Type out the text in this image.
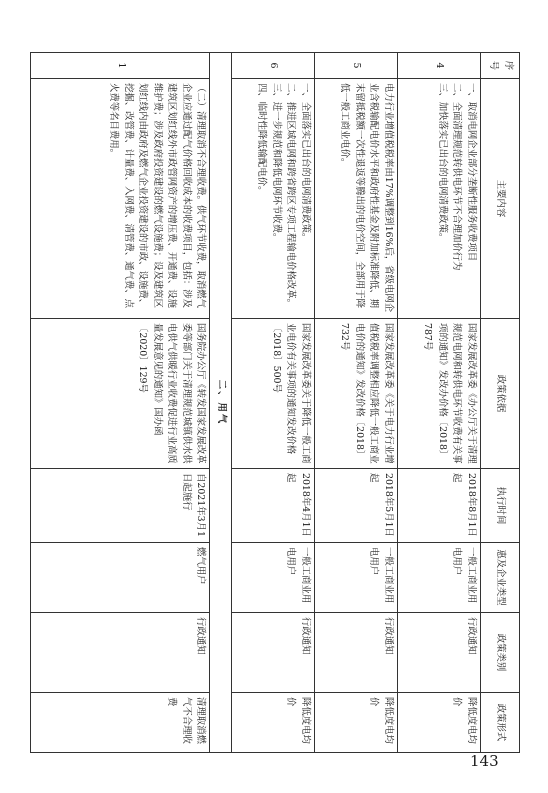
序号	主要内容	政策依据	执行时间	惠及企业类型	政策类别	政策形式
4	一、取消电网企业部分垄断性服务收费项目
二、全面清理规范转供电环节不合理加价行为
三、加快落实已出台的电网清费政策。	国家发展改革委《办公厅关于清理规范电网和转供电环节收费有关事项的通知》发改办价格〔2018〕787号	2018年8月1日起	一般工商业用电用户	行政通知	降低度电均价
5	电力行业增值税税率由17%调整到16%后，省级电网企业含税输配电价水平和政府性基金及附加标准降低、期末留抵税额一次性退返等腾出的电价空间，全部用于降低一般工商业电价。	国家发展改革委《关于电力行业增值税税率调整相应降低一般工商业电价的通知》发改价格〔2018〕732号	2018年5月1日起	一般工商业用电用户	行政通知	降低度电均价
6	一、全面落实已出台的电网清费政策。
二、推进区域电网和跨省跨区专项工程输电价格改革。
三、进一步规范和降低电网环节收费。
四、临时性降低输配电价。	国家发展改革委关于降低一般工商业电价有关事项的通知发改价格〔2018〕500号	2018年4月1日起	一般工商业用电用户	行政通知	降低度电均价
二、用气						
1	（二）清理取消不合理收费。供气环节收费，取消燃气企业应通过配气价格回收成本的收费项目，包括：涉及建筑区划红线外市政管网资产的增压费、开通费、设施维护费；涉及政府投资建设的燃气设施费；设及建筑区划红线内由政府及燃气企业投资建设的市政、设施费、挖掘、改管费、计量费、入网费、清管费、通气费、点火费等名目费用。	国务院办公厅《转发国家发展改革委等部门关于清理规范城镇供水供电供气供暖行业收费促进行业高质量发展意见的通知》国办函〔2020〕129号	自2021年3月1日起施行	燃气用户	行政通知	清理取消燃气不合理收费
143
